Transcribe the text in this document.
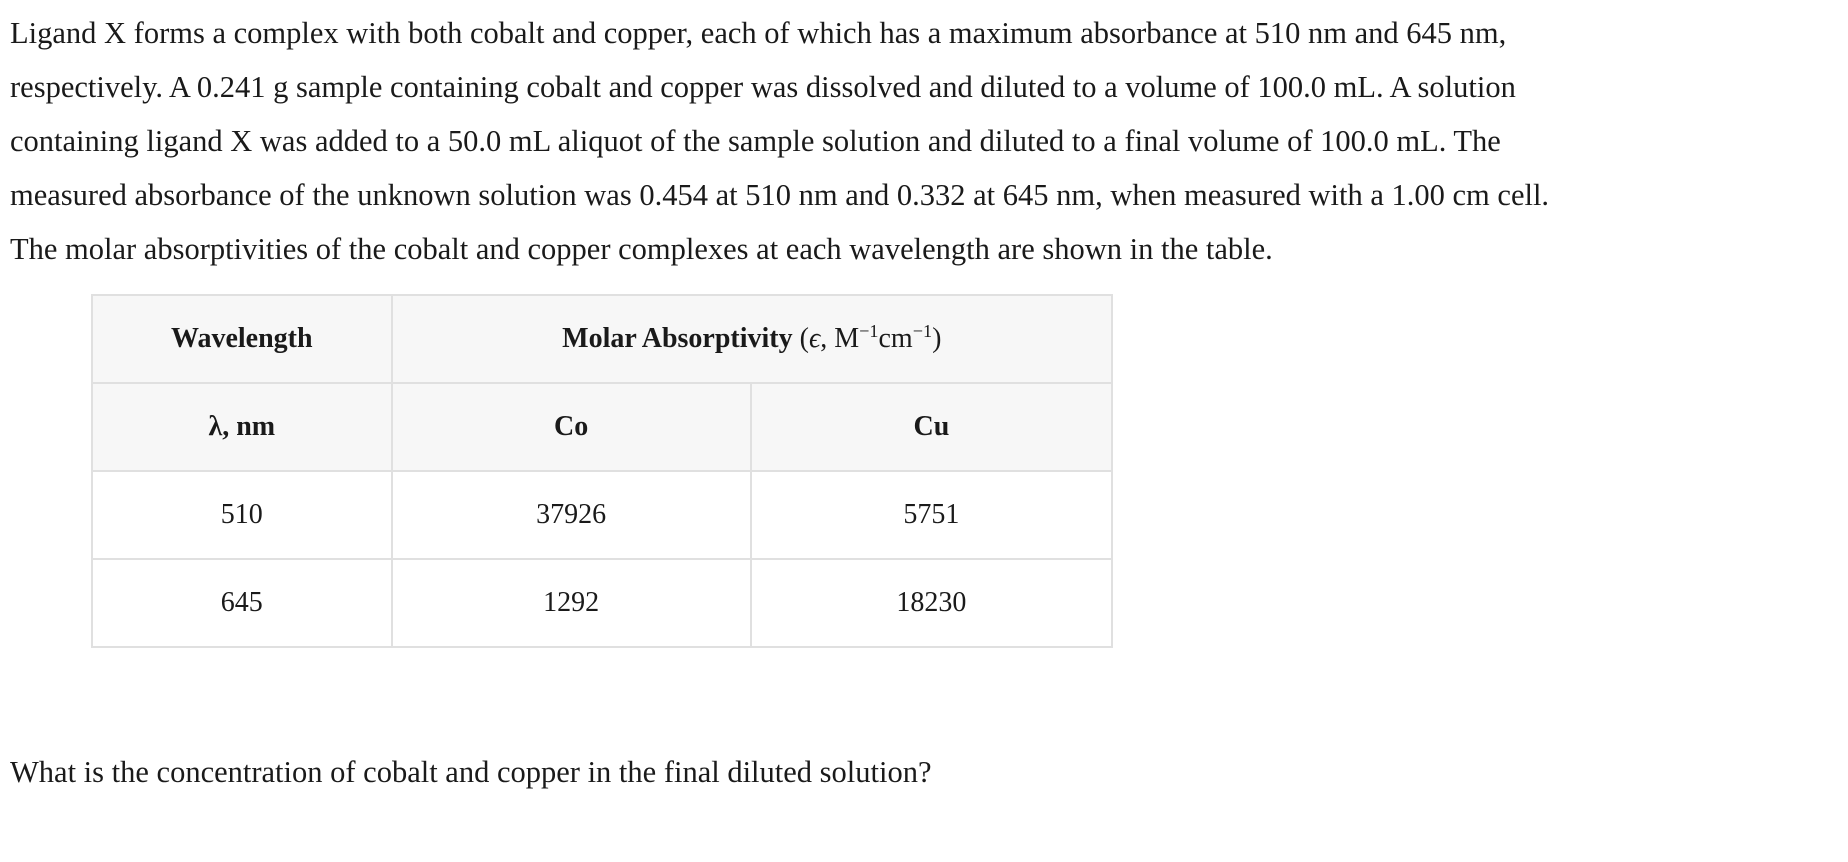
Ligand X forms a complex with both cobalt and copper, each of which has a maximum absorbance at 510 nm and 645 nm,
respectively. A 0.241 g sample containing cobalt and copper was dissolved and diluted to a volume of 100.0 mL. A solution
containing ligand X was added to a 50.0 mL aliquot of the sample solution and diluted to a final volume of 100.0 mL. The
measured absorbance of the unknown solution was 0.454 at 510 nm and 0.332 at 645 nm, when measured with a 1.00 cm cell.
The molar absorptivities of the cobalt and copper complexes at each wavelength are shown in the table.

Wavelength	Molar Absorptivity (ϵ, $M^{-1}cm^{-1}$)	
λ, nm	Co	Cu
510	37926	5751
645	1292	18230

What is the concentration of cobalt and copper in the final diluted solution?
